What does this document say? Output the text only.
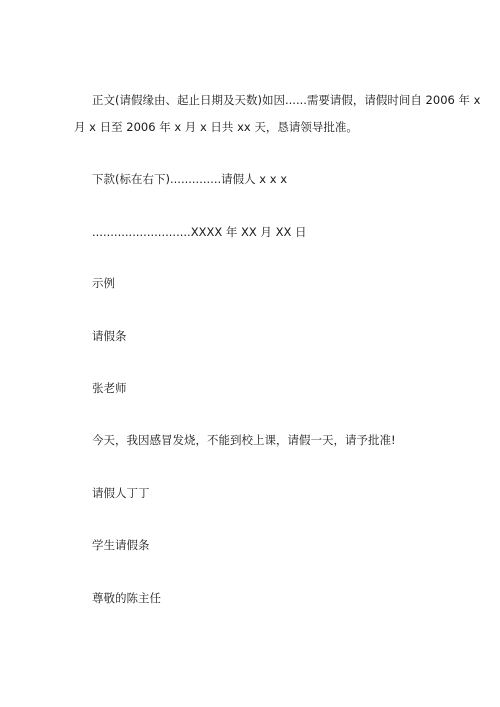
正文(请假缘由、起止日期及天数)如因......需要请假，请假时间自 2006 年 x
月 x 日至 2006 年 x 月 x 日共 xx 天，恳请领导批准。
下款(标在右下)..............请假人 x x x
...........................XXXX 年 XX 月 XX 日
示例
请假条
张老师
今天，我因感冒发烧，不能到校上课，请假一天，请予批准!
请假人丁丁
学生请假条
尊敬的陈主任
